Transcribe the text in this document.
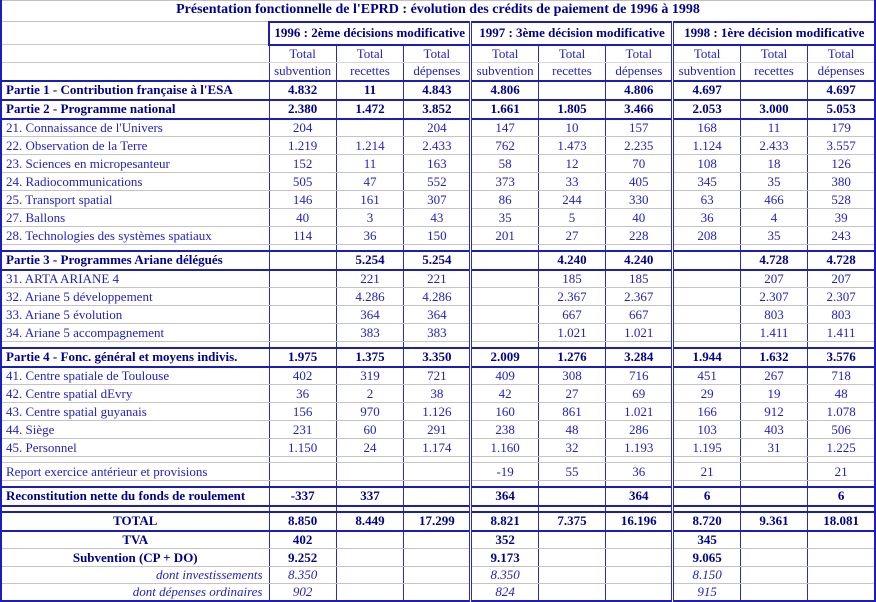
Présentation fonctionnelle de l'EPRD : évolution des crédits de paiement de 1996 à 1998									
	1996 : 2ème décisions modificative			1997 : 3ème décision modificative			1998 : 1ère décision modificative		
	Total	Total	Total	Total	Total	Total	Total	Total	Total
	subvention	recettes	dépenses	subvention	recettes	dépenses	subvention	recettes	dépenses
Partie 1 - Contribution française à l'ESA	4.832	11	4.843	4.806		4.806	4.697		4.697
Partie 2 - Programme national	2.380	1.472	3.852	1.661	1.805	3.466	2.053	3.000	5.053
21. Connaissance de l'Univers	204		204	147	10	157	168	11	179
22. Observation de la Terre	1.219	1.214	2.433	762	1.473	2.235	1.124	2.433	3.557
23. Sciences en micropesanteur	152	11	163	58	12	70	108	18	126
24. Radiocommunications	505	47	552	373	33	405	345	35	380
25. Transport spatial	146	161	307	86	244	330	63	466	528
27. Ballons	40	3	43	35	5	40	36	4	39
28. Technologies des systèmes spatiaux	114	36	150	201	27	228	208	35	243

Partie 3 - Programmes Ariane délégués		5.254	5.254		4.240	4.240		4.728	4.728
31. ARTA ARIANE 4		221	221		185	185		207	207
32. Ariane 5 développement		4.286	4.286		2.367	2.367		2.307	2.307
33. Ariane 5 évolution		364	364		667	667		803	803
34. Ariane 5 accompagnement		383	383		1.021	1.021		1.411	1.411

Partie 4 - Fonc. général et moyens indivis.	1.975	1.375	3.350	2.009	1.276	3.284	1.944	1.632	3.576
41. Centre spatiale de Toulouse	402	319	721	409	308	716	451	267	718
42. Centre spatial dEvry	36	2	38	42	27	69	29	19	48
43. Centre spatial guyanais	156	970	1.126	160	861	1.021	166	912	1.078
44. Siège	231	60	291	238	48	286	103	403	506
45. Personnel	1.150	24	1.174	1.160	32	1.193	1.195	31	1.225

Report exercice antérieur et provisions				-19	55	36	21		21

Reconstitution nette du fonds de roulement	-337	337		364		364	6		6

TOTAL	8.850	8.449	17.299	8.821	7.375	16.196	8.720	9.361	18.081
TVA	402			352			345		
Subvention (CP + DO)	9.252			9.173			9.065		
dont investissements	8.350			8.350			8.150		
dont dépenses ordinaires	902			824			915		
